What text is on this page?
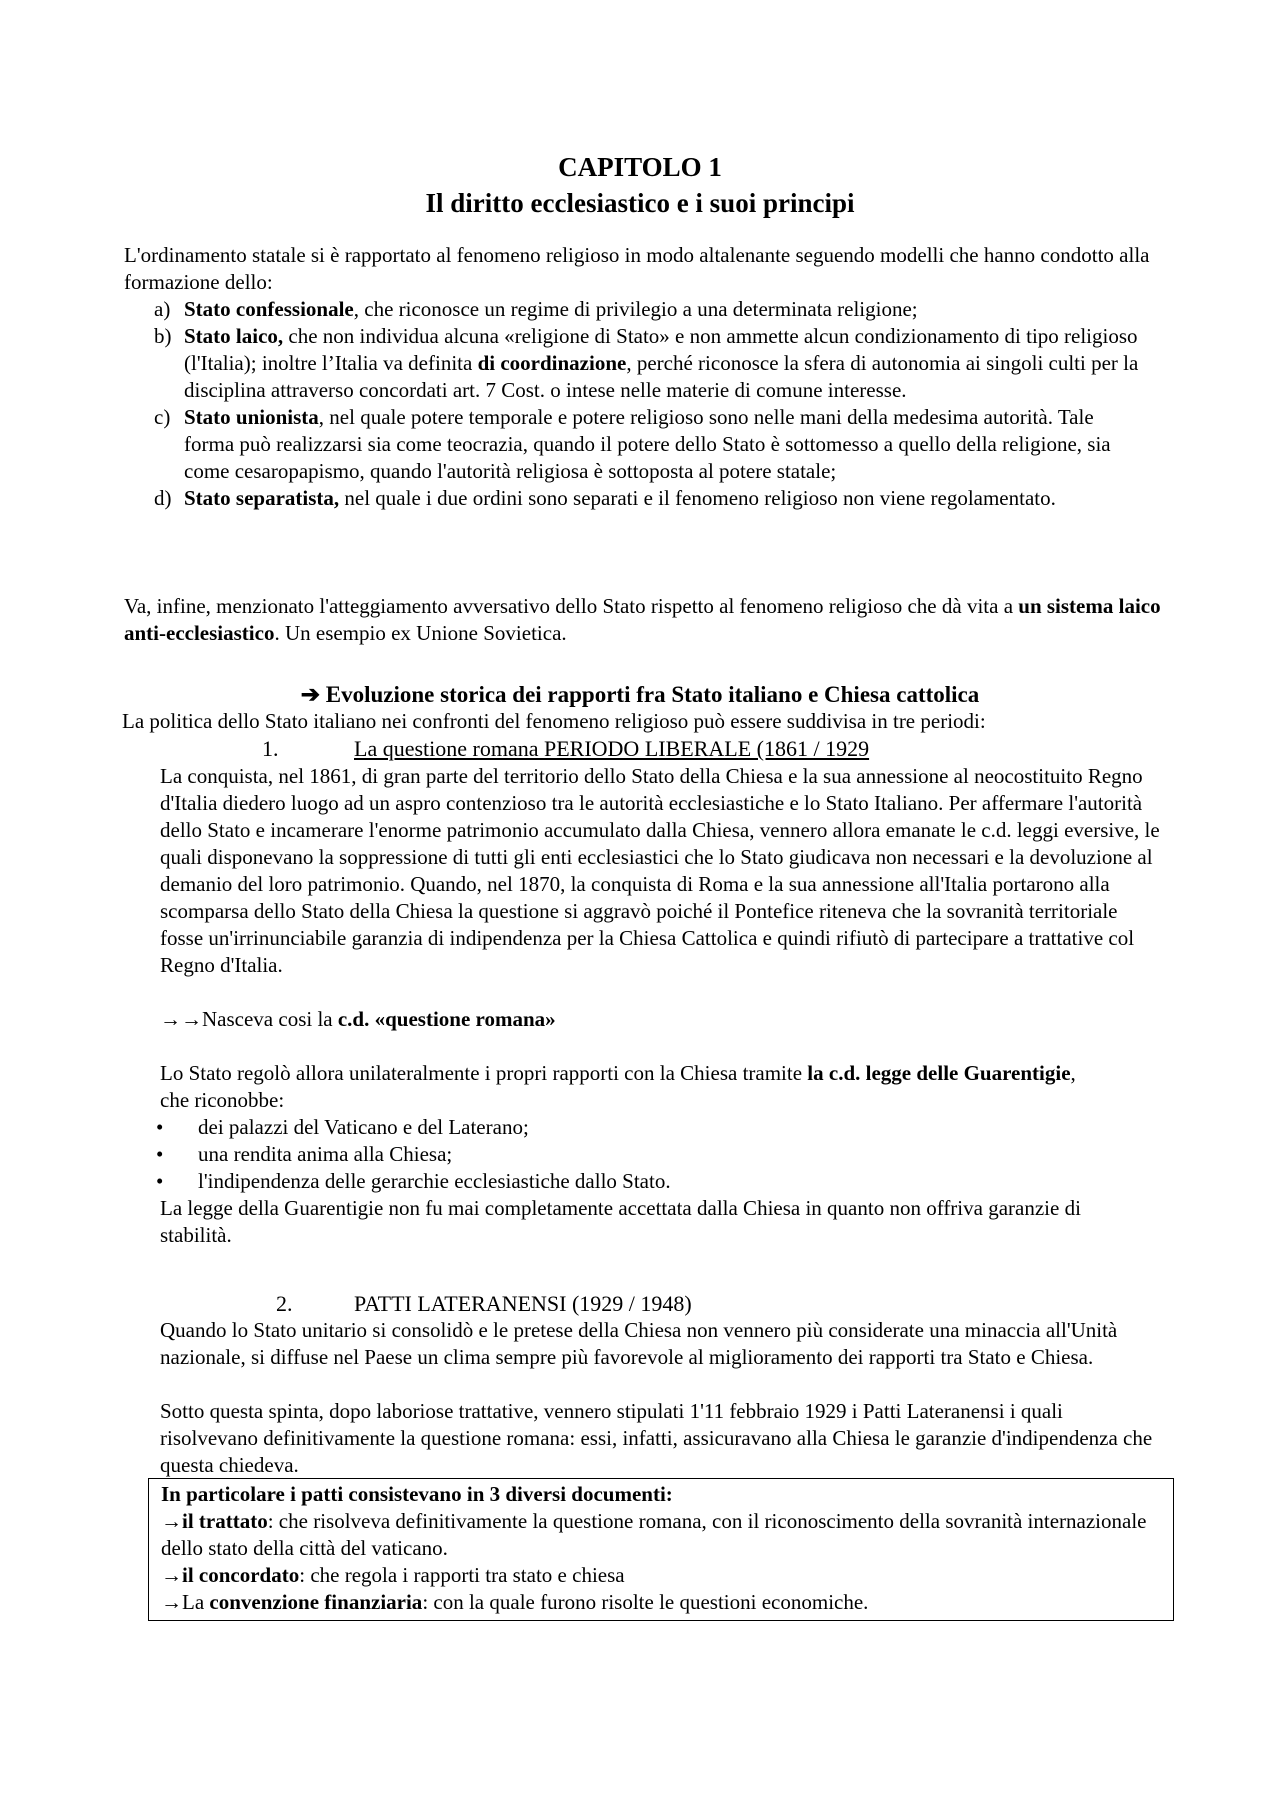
CAPITOLO 1
Il diritto ecclesiastico e i suoi principi
L'ordinamento statale si è rapportato al fenomeno religioso in modo altalenante seguendo modelli che hanno condotto alla formazione dello:
a) Stato confessionale, che riconosce un regime di privilegio a una determinata religione;
b) Stato laico, che non individua alcuna «religione di Stato» e non ammette alcun condizionamento di tipo religioso (l'Italia); inoltre l’Italia va definita di coordinazione, perché riconosce la sfera di autonomia ai singoli culti per la disciplina attraverso concordati art. 7 Cost. o intese nelle materie di comune interesse.
c) Stato unionista, nel quale potere temporale e potere religioso sono nelle mani della medesima autorità. Tale forma può realizzarsi sia come teocrazia, quando il potere dello Stato è sottomesso a quello della religione, sia come cesaropapismo, quando l'autorità religiosa è sottoposta al potere statale;
d) Stato separatista, nel quale i due ordini sono separati e il fenomeno religioso non viene regolamentato.
Va, infine, menzionato l'atteggiamento avversativo dello Stato rispetto al fenomeno religioso che dà vita a un sistema laico anti-ecclesiastico. Un esempio ex Unione Sovietica.
➔ Evoluzione storica dei rapporti fra Stato italiano e Chiesa cattolica
La politica dello Stato italiano nei confronti del fenomeno religioso può essere suddivisa in tre periodi:
1.	La questione romana PERIODO LIBERALE (1861 / 1929
La conquista, nel 1861, di gran parte del territorio dello Stato della Chiesa e la sua annessione al neocostituito Regno d'Italia diedero luogo ad un aspro contenzioso tra le autorità ecclesiastiche e lo Stato Italiano. Per affermare l'autorità dello Stato e incamerare l'enorme patrimonio accumulato dalla Chiesa, vennero allora emanate le c.d. leggi eversive, le quali disponevano la soppressione di tutti gli enti ecclesiastici che lo Stato giudicava non necessari e la devoluzione al demanio del loro patrimonio. Quando, nel 1870, la conquista di Roma e la sua annessione all'Italia portarono alla scomparsa dello Stato della Chiesa la questione si aggravò poiché il Pontefice riteneva che la sovranità territoriale fosse un'irrinunciabile garanzia di indipendenza per la Chiesa Cattolica e quindi rifiutò di partecipare a trattative col Regno d'Italia.
→→Nasceva cosi la c.d. «questione romana»
Lo Stato regolò allora unilateralmente i propri rapporti con la Chiesa tramite la c.d. legge delle Guarentigie, che riconobbe:
• dei palazzi del Vaticano e del Laterano;
• una rendita anima alla Chiesa;
• l'indipendenza delle gerarchie ecclesiastiche dallo Stato.
La legge della Guarentigie non fu mai completamente accettata dalla Chiesa in quanto non offriva garanzie di stabilità.
2.	PATTI LATERANENSI (1929 / 1948)
Quando lo Stato unitario si consolidò e le pretese della Chiesa non vennero più considerate una minaccia all'Unità nazionale, si diffuse nel Paese un clima sempre più favorevole al miglioramento dei rapporti tra Stato e Chiesa.
Sotto questa spinta, dopo laboriose trattative, vennero stipulati 1'11 febbraio 1929 i Patti Lateranensi i quali risolvevano definitivamente la questione romana: essi, infatti, assicuravano alla Chiesa le garanzie d'indipendenza che questa chiedeva.
In particolare i patti consistevano in 3 diversi documenti:
→il trattato: che risolveva definitivamente la questione romana, con il riconoscimento della sovranità internazionale dello stato della città del vaticano.
→il concordato: che regola i rapporti tra stato e chiesa
→La convenzione finanziaria: con la quale furono risolte le questioni economiche.
